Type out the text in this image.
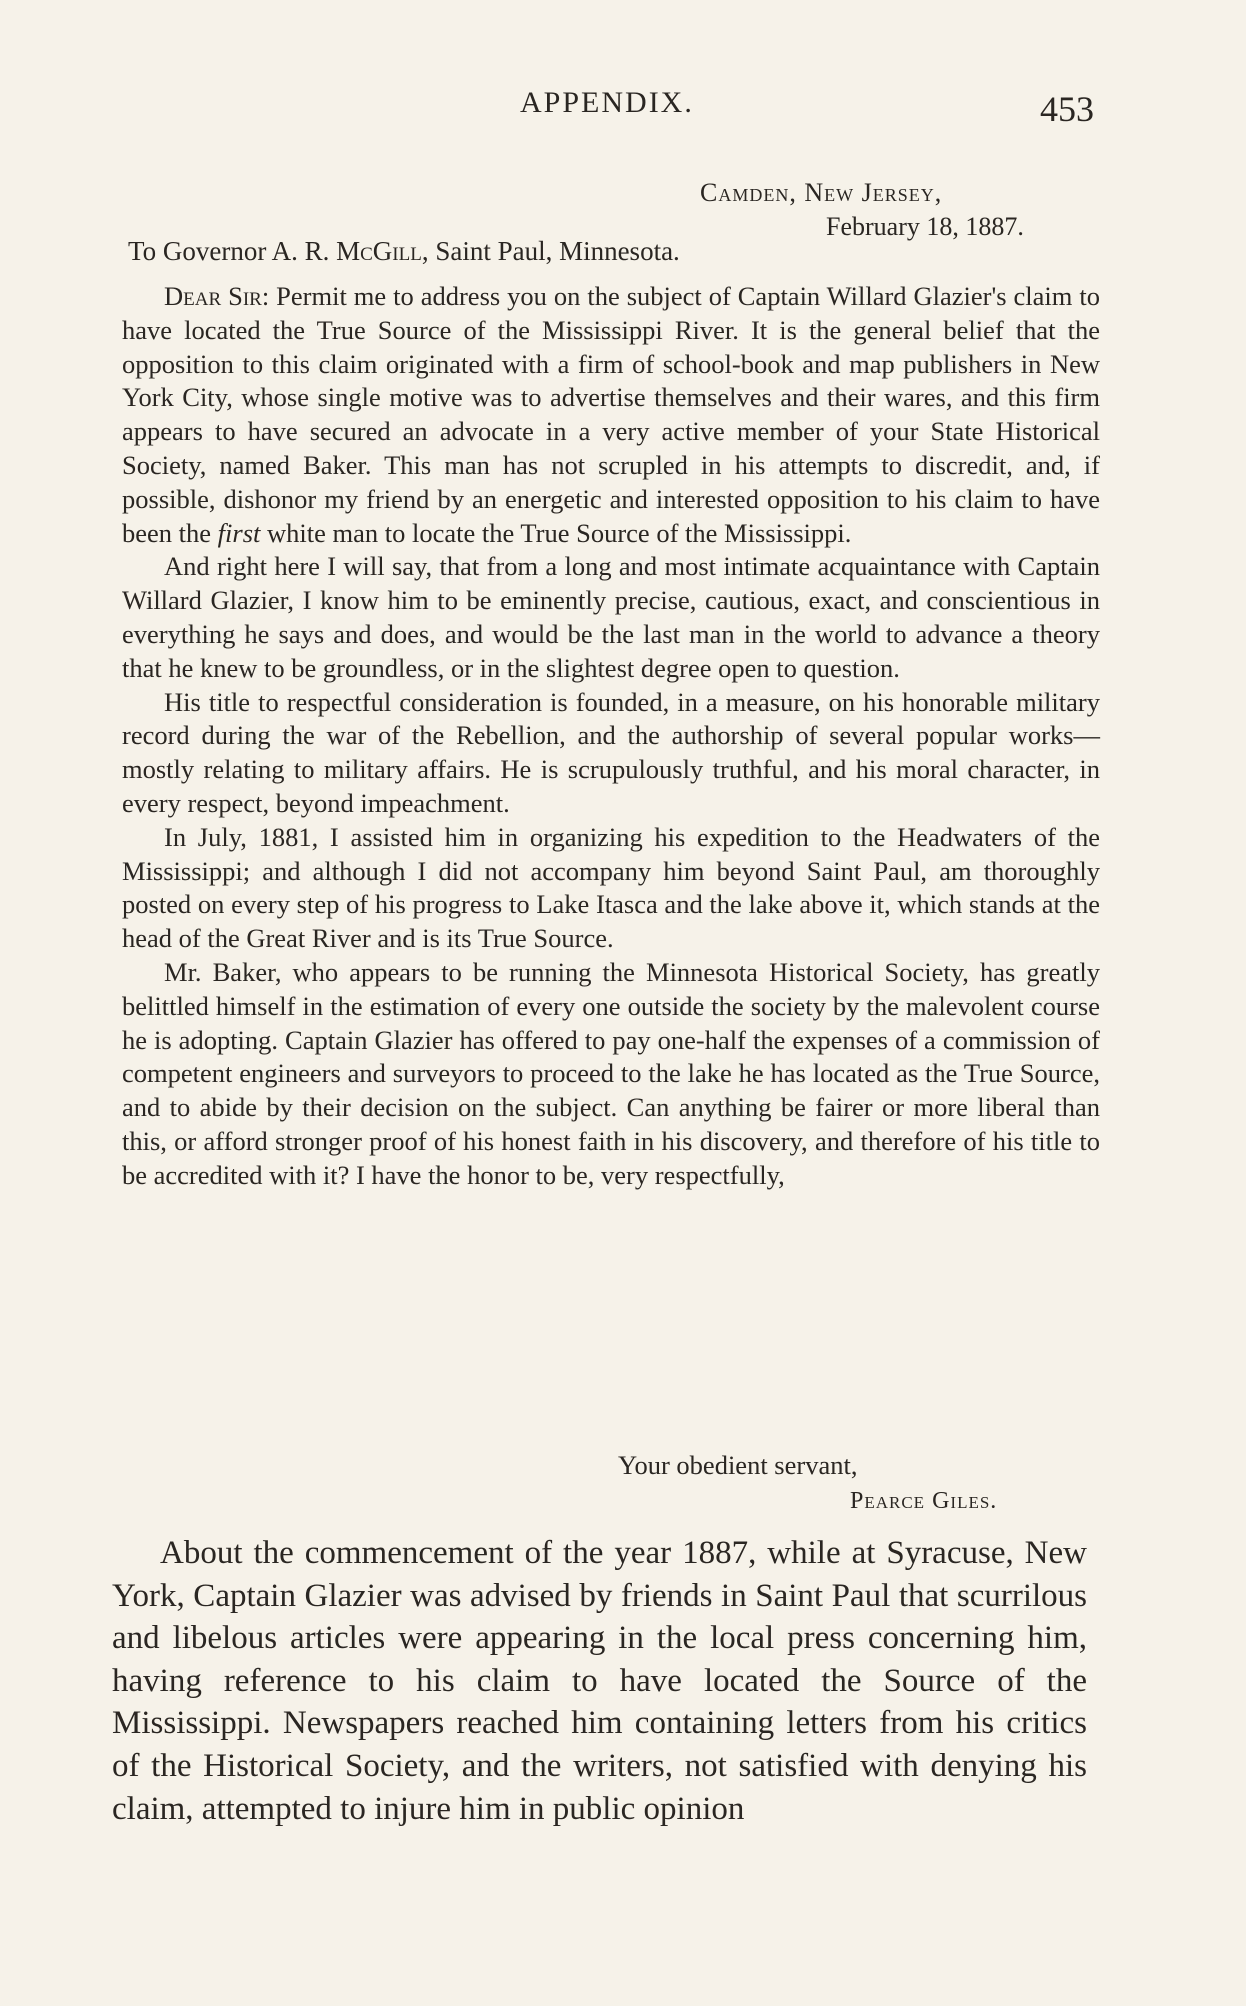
APPENDIX.	453
Camden, New Jersey,
February 18, 1887.
To Governor A. R. McGill, Saint Paul, Minnesota.

Dear Sir: Permit me to address you on the subject of Captain Willard Glazier's claim to have located the True Source of the Mississippi River. It is the general belief that the opposition to this claim originated with a firm of school-book and map publishers in New York City, whose single motive was to advertise themselves and their wares, and this firm appears to have secured an advocate in a very active member of your State Historical Society, named Baker. This man has not scrupled in his attempts to discredit, and, if possible, dishonor my friend by an energetic and interested opposition to his claim to have been the first white man to locate the True Source of the Mississippi.

And right here I will say, that from a long and most intimate acquaintance with Captain Willard Glazier, I know him to be eminently precise, cautious, exact, and conscientious in everything he says and does, and would be the last man in the world to advance a theory that he knew to be groundless, or in the slightest degree open to question.

His title to respectful consideration is founded, in a measure, on his honorable military record during the war of the Rebellion, and the authorship of several popular works—mostly relating to military affairs. He is scrupulously truthful, and his moral character, in every respect, beyond impeachment.

In July, 1881, I assisted him in organizing his expedition to the Headwaters of the Mississippi; and although I did not accompany him beyond Saint Paul, am thoroughly posted on every step of his progress to Lake Itasca and the lake above it, which stands at the head of the Great River and is its True Source.

Mr. Baker, who appears to be running the Minnesota Historical Society, has greatly belittled himself in the estimation of every one outside the society by the malevolent course he is adopting. Captain Glazier has offered to pay one-half the expenses of a commission of competent engineers and surveyors to proceed to the lake he has located as the True Source, and to abide by their decision on the subject. Can anything be fairer or more liberal than this, or afford stronger proof of his honest faith in his discovery, and therefore of his title to be accredited with it? I have the honor to be, very respectfully,

Your obedient servant,
Pearce Giles.

About the commencement of the year 1887, while at Syracuse, New York, Captain Glazier was advised by friends in Saint Paul that scurrilous and libelous articles were appearing in the local press concerning him, having reference to his claim to have located the Source of the Mississippi. Newspapers reached him containing letters from his critics of the Historical Society, and the writers, not satisfied with denying his claim, attempted to injure him in public opinion
